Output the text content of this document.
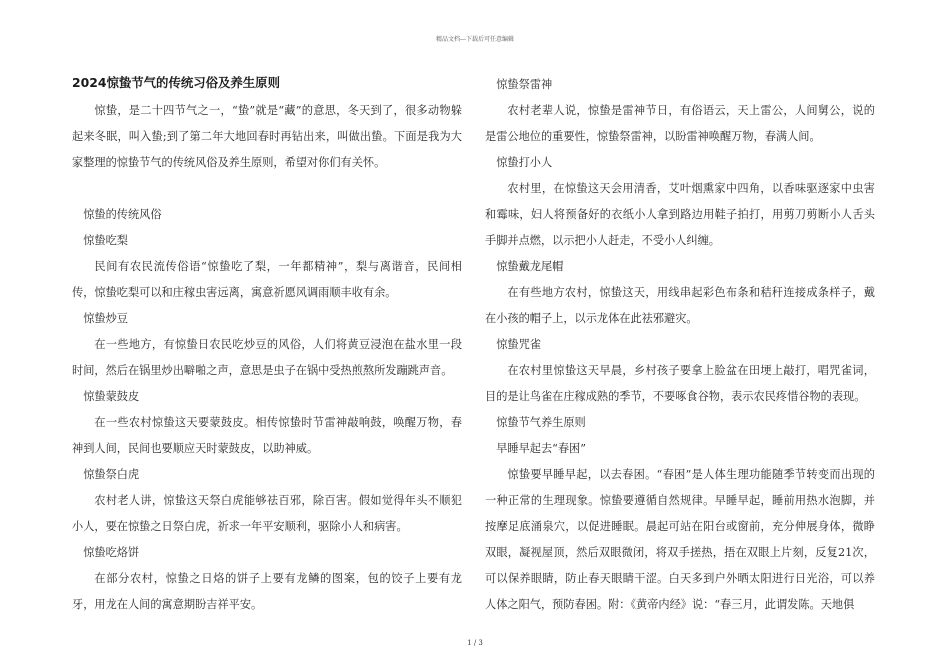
精品文档---下载后可任意编辑
2024惊蛰节气的传统习俗及养生原则

惊蛰，是二十四节气之一，“蛰”就是“藏”的意思，冬天到了，很多动物躲起来冬眠，叫入蛰;到了第二年大地回春时再钻出来，叫做出蛰。下面是我为大家整理的惊蛰节气的传统风俗及养生原则，希望对你们有关怀。

惊蛰的传统风俗

惊蛰吃梨

民间有农民流传俗语“惊蛰吃了梨，一年都精神”，梨与离谐音，民间相传，惊蛰吃梨可以和庄稼虫害远离，寓意祈愿风调雨顺丰收有余。

惊蛰炒豆

在一些地方，有惊蛰日农民吃炒豆的风俗，人们将黄豆浸泡在盐水里一段时间，然后在锅里炒出噼啪之声，意思是虫子在锅中受热煎熬所发蹦跳声音。

惊蛰蒙鼓皮

在一些农村惊蛰这天要蒙鼓皮。相传惊蛰时节雷神敲响鼓，唤醒万物，春神到人间，民间也要顺应天时蒙鼓皮，以助神威。

惊蛰祭白虎

农村老人讲，惊蛰这天祭白虎能够祛百邪，除百害。假如觉得年头不顺犯小人，要在惊蛰之日祭白虎，祈求一年平安顺利，驱除小人和病害。

惊蛰吃烙饼

在部分农村，惊蛰之日烙的饼子上要有龙鳞的图案，包的饺子上要有龙牙，用龙在人间的寓意期盼吉祥平安。

惊蛰祭雷神

农村老辈人说，惊蛰是雷神节日，有俗语云，天上雷公，人间舅公，说的是雷公地位的重要性，惊蛰祭雷神，以盼雷神唤醒万物，春满人间。

惊蛰打小人

农村里，在惊蛰这天会用清香，艾叶烟熏家中四角，以香味驱逐家中虫害和霉味，妇人将预备好的衣纸小人拿到路边用鞋子拍打，用剪刀剪断小人舌头手脚并点燃，以示把小人赶走，不受小人纠缠。

惊蛰戴龙尾帽

在有些地方农村，惊蛰这天，用线串起彩色布条和秸秆连接成条样子，戴在小孩的帽子上，以示龙体在此祛邪避灾。

惊蛰咒雀

在农村里惊蛰这天早晨，乡村孩子要拿上脸盆在田埂上敲打，唱咒雀词，目的是让鸟雀在庄稼成熟的季节，不要啄食谷物，表示农民疼惜谷物的表现。

惊蛰节气养生原则

早睡早起去“春困”

惊蛰要早睡早起，以去春困。“春困”是人体生理功能随季节转变而出现的一种正常的生理现象。惊蛰要遵循自然规律。早睡早起，睡前用热水泡脚，并按摩足底涌泉穴，以促进睡眠。晨起可站在阳台或窗前，充分伸展身体，微睁双眼，凝视屋顶，然后双眼微闭，将双手搓热，捂在双眼上片刻，反复21次，可以保养眼睛，防止春天眼睛干涩。白天多到户外晒太阳进行日光浴，可以养人体之阳气，预防春困。附：《黄帝内经》说：“春三月，此谓发陈。天地俱

1 / 3
